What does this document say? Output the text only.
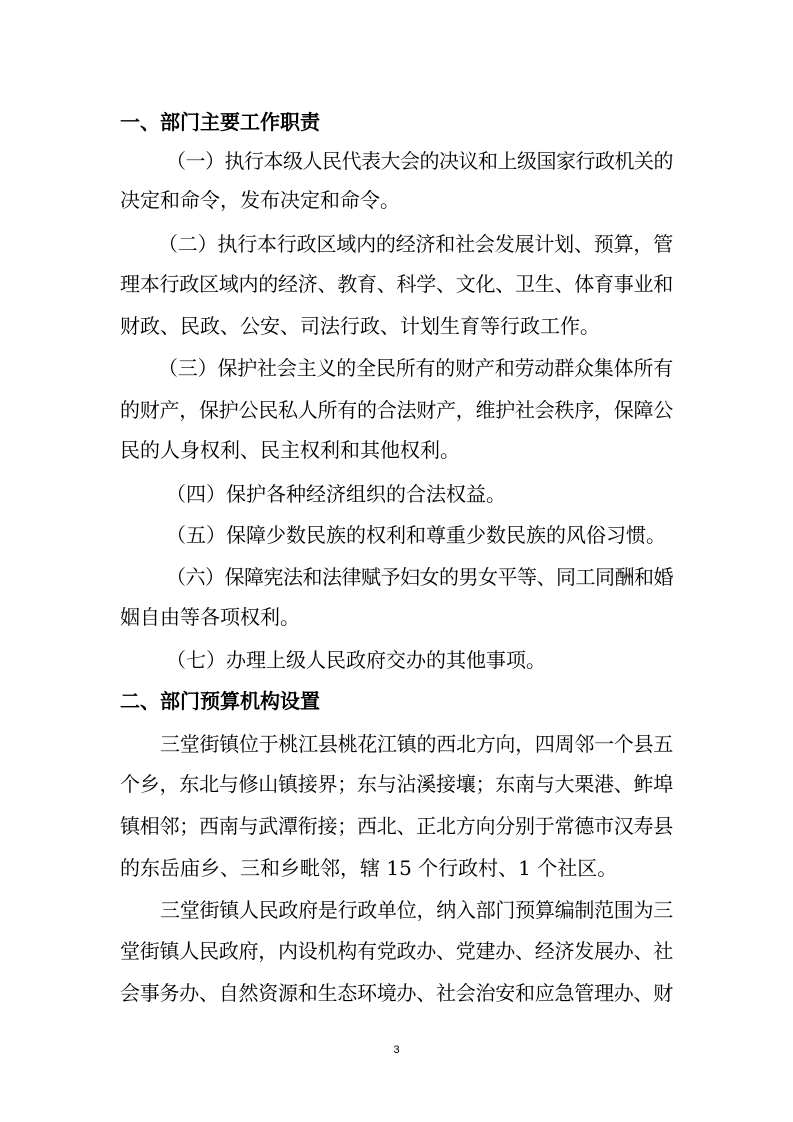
一、部门主要工作职责
（一）执行本级人民代表大会的决议和上级国家行政机关的
决定和命令，发布决定和命令。
（二）执行本行政区域内的经济和社会发展计划、预算，管
理本行政区域内的经济、教育、科学、文化、卫生、体育事业和
财政、民政、公安、司法行政、计划生育等行政工作。
（三）保护社会主义的全民所有的财产和劳动群众集体所有
的财产，保护公民私人所有的合法财产，维护社会秩序，保障公
民的人身权利、民主权利和其他权利。
（四）保护各种经济组织的合法权益。
（五）保障少数民族的权利和尊重少数民族的风俗习惯。
（六）保障宪法和法律赋予妇女的男女平等、同工同酬和婚
姻自由等各项权利。
（七）办理上级人民政府交办的其他事项。
二、部门预算机构设置
三堂街镇位于桃江县桃花江镇的西北方向，四周邻一个县五
个乡，东北与修山镇接界；东与沾溪接壤；东南与大栗港、鲊埠
镇相邻；西南与武潭衔接；西北、正北方向分别于常德市汉寿县
的东岳庙乡、三和乡毗邻，辖 15 个行政村、1 个社区。
三堂街镇人民政府是行政单位，纳入部门预算编制范围为三
堂街镇人民政府，内设机构有党政办、党建办、经济发展办、社
会事务办、自然资源和生态环境办、社会治安和应急管理办、财
3
